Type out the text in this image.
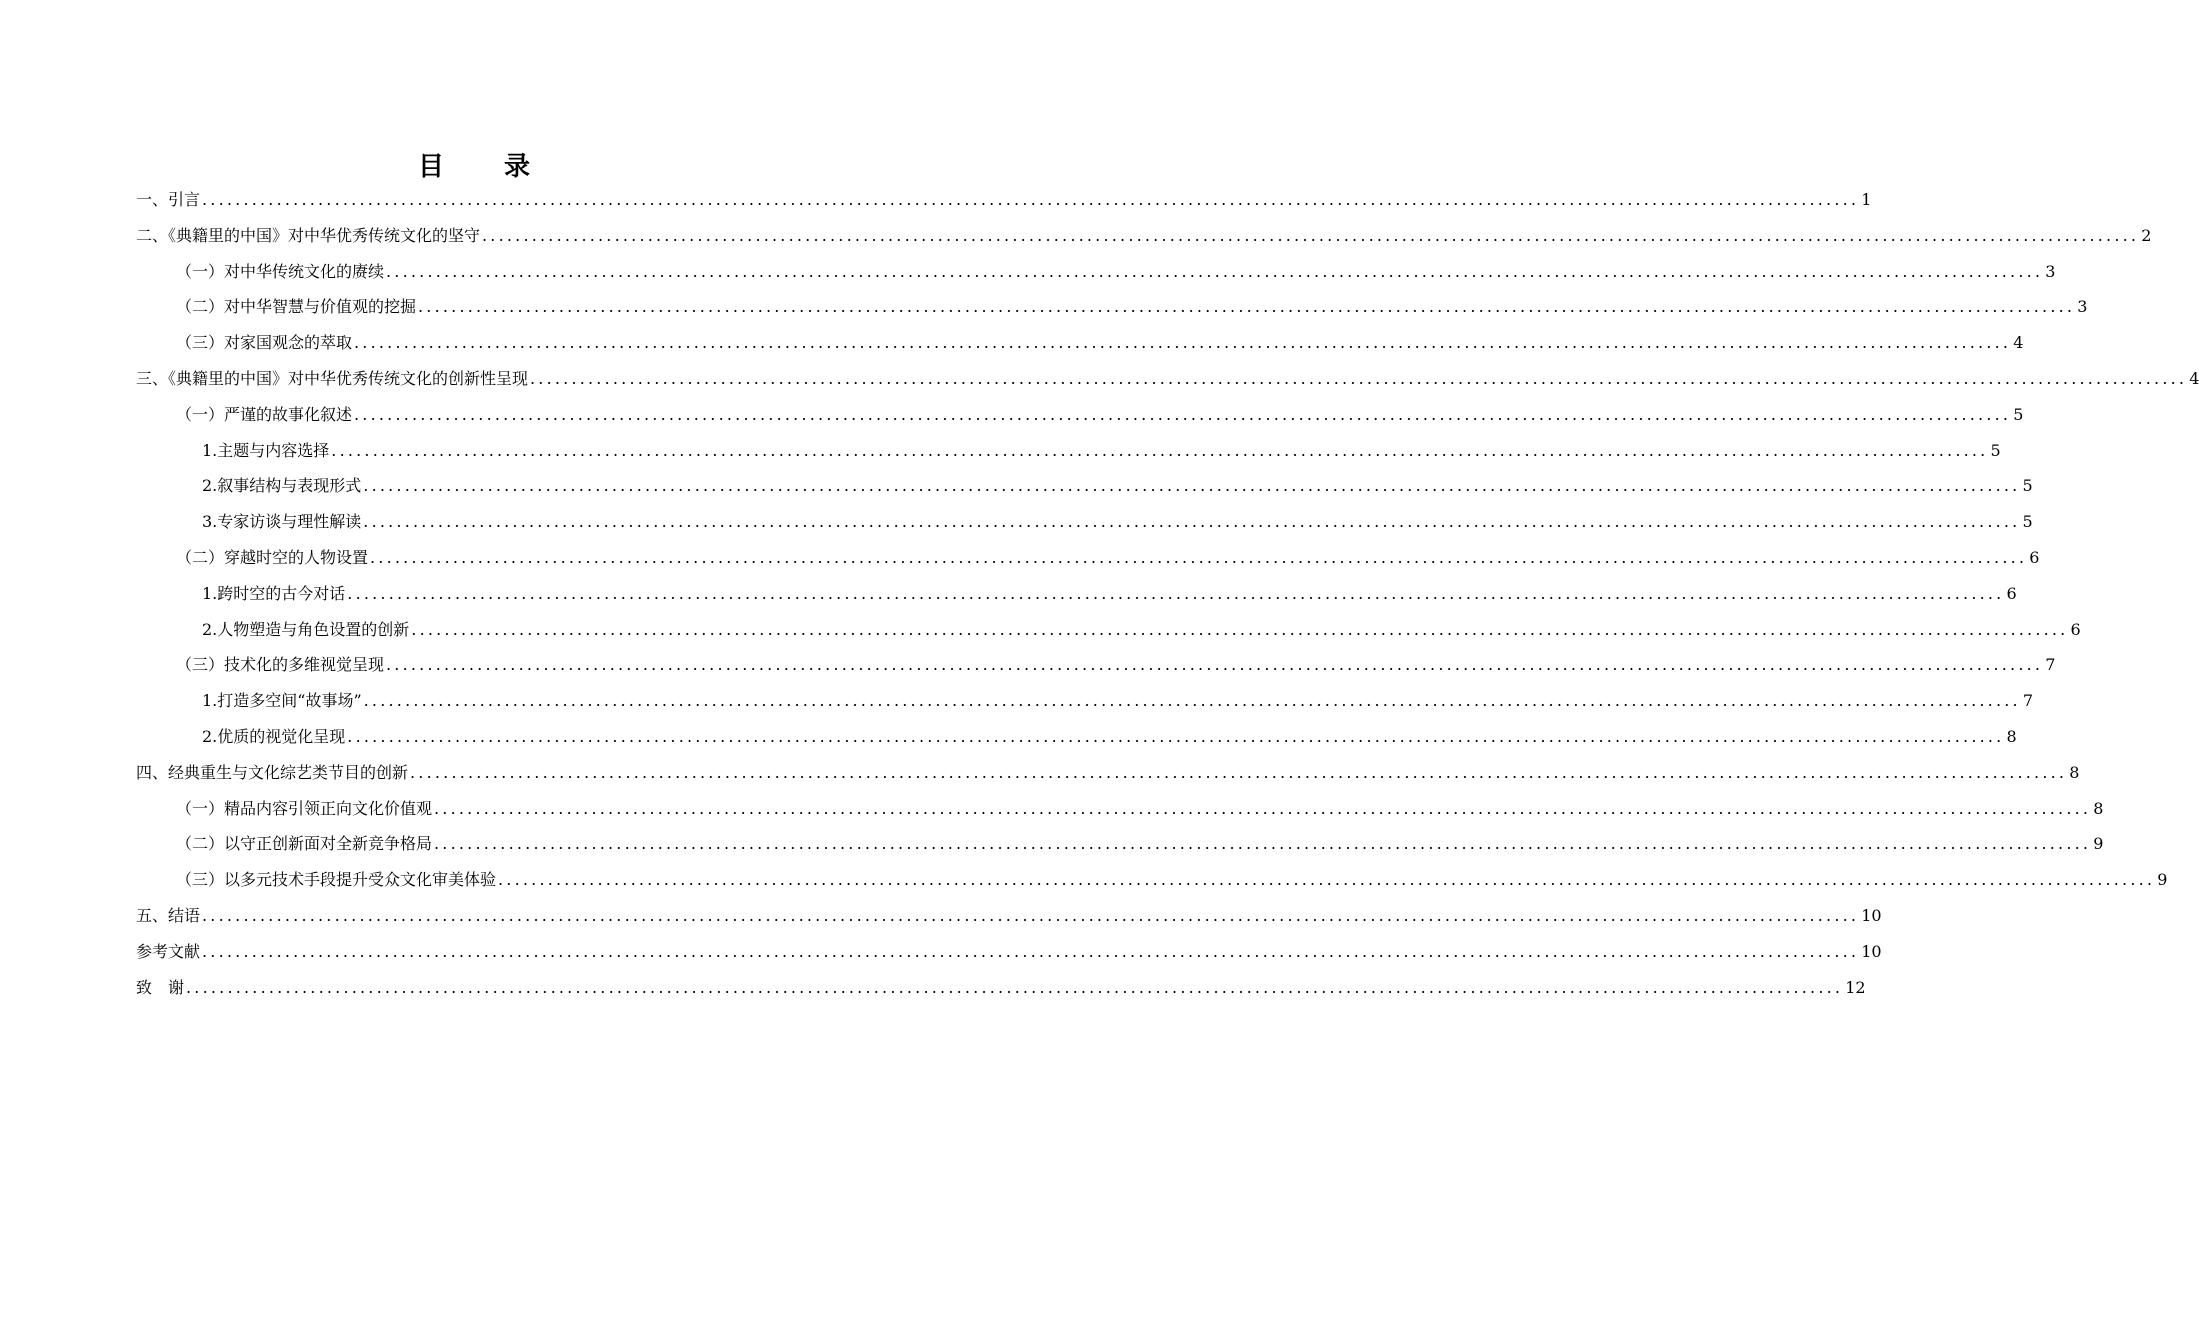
目 录
一、引言 ........................................................................................................................................................................................................ 1
二、《典籍里的中国》对中华优秀传统文化的坚守 ........................................................................................................................................................................................................ 2
（一）对中华传统文化的赓续 ........................................................................................................................................................................................................ 3
（二）对中华智慧与价值观的挖掘 ........................................................................................................................................................................................................ 3
（三）对家国观念的萃取 ........................................................................................................................................................................................................ 4
三、《典籍里的中国》对中华优秀传统文化的创新性呈现 ........................................................................................................................................................................................................ 4
（一）严谨的故事化叙述 ........................................................................................................................................................................................................ 5
1.主题与内容选择 ........................................................................................................................................................................................................ 5
2.叙事结构与表现形式 ........................................................................................................................................................................................................ 5
3.专家访谈与理性解读 ........................................................................................................................................................................................................ 5
（二）穿越时空的人物设置 ........................................................................................................................................................................................................ 6
1.跨时空的古今对话 ........................................................................................................................................................................................................ 6
2.人物塑造与角色设置的创新 ........................................................................................................................................................................................................ 6
（三）技术化的多维视觉呈现 ........................................................................................................................................................................................................ 7
1.打造多空间“故事场” ........................................................................................................................................................................................................ 7
2.优质的视觉化呈现 ........................................................................................................................................................................................................ 8
四、经典重生与文化综艺类节目的创新 ........................................................................................................................................................................................................ 8
（一）精品内容引领正向文化价值观 ........................................................................................................................................................................................................ 8
（二）以守正创新面对全新竞争格局 ........................................................................................................................................................................................................ 9
（三）以多元技术手段提升受众文化审美体验 ........................................................................................................................................................................................................ 9
五、结语 ........................................................................................................................................................................................................ 10
参考文献 ........................................................................................................................................................................................................ 10
致　谢 ........................................................................................................................................................................................................ 12
